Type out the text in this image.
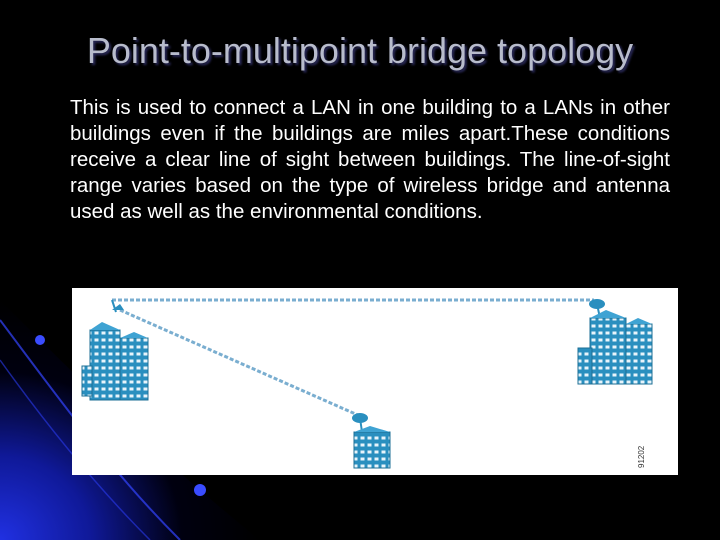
Point-to-multipoint bridge topology
This is used to connect a LAN in one building to a LANs in other buildings even if the buildings are miles apart.These conditions receive a clear line of sight between buildings. The line-of-sight range varies based on the type of wireless bridge and antenna used as well as the environmental conditions.
91202
